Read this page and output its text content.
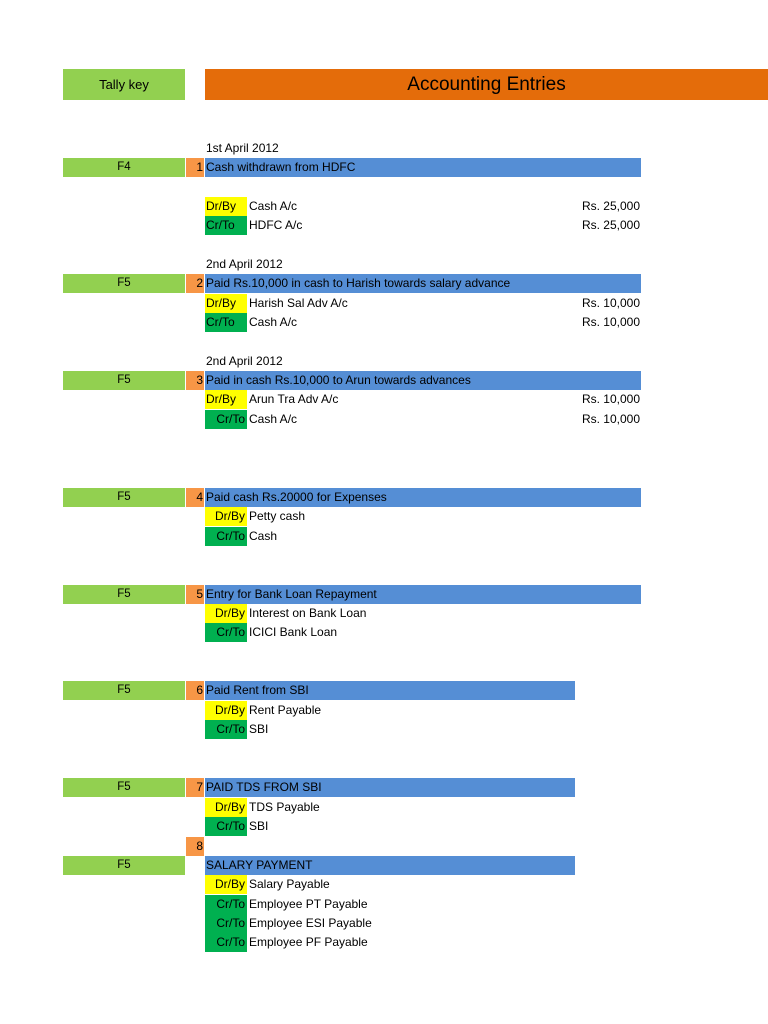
Tally key	Accounting Entries
1st April 2012
F4	1 Cash withdrawn from HDFC
Dr/By	Cash A/c	Rs. 25,000
Cr/To	HDFC A/c	Rs. 25,000
2nd April 2012
F5	2 Paid Rs.10,000 in cash to Harish towards salary advance
Dr/By	Harish Sal Adv A/c	Rs. 10,000
Cr/To	Cash A/c	Rs. 10,000
2nd April 2012
F5	3 Paid in cash Rs.10,000 to Arun towards advances
Dr/By	Arun Tra Adv A/c	Rs. 10,000
Cr/To Cash A/c	Rs. 10,000
F5	4 Paid cash Rs.20000 for Expenses
Dr/By Petty cash
Cr/To Cash
F5	5 Entry for Bank Loan Repayment
Dr/By Interest on Bank Loan
Cr/To ICICI Bank Loan
F5	6 Paid Rent from SBI
Dr/By Rent Payable
Cr/To SBI
F5	7 PAID TDS FROM SBI
Dr/By TDS Payable
Cr/To SBI
8
F5	SALARY PAYMENT
Dr/By Salary Payable
Cr/To Employee PT Payable
Cr/To Employee ESI Payable
Cr/To Employee PF Payable
